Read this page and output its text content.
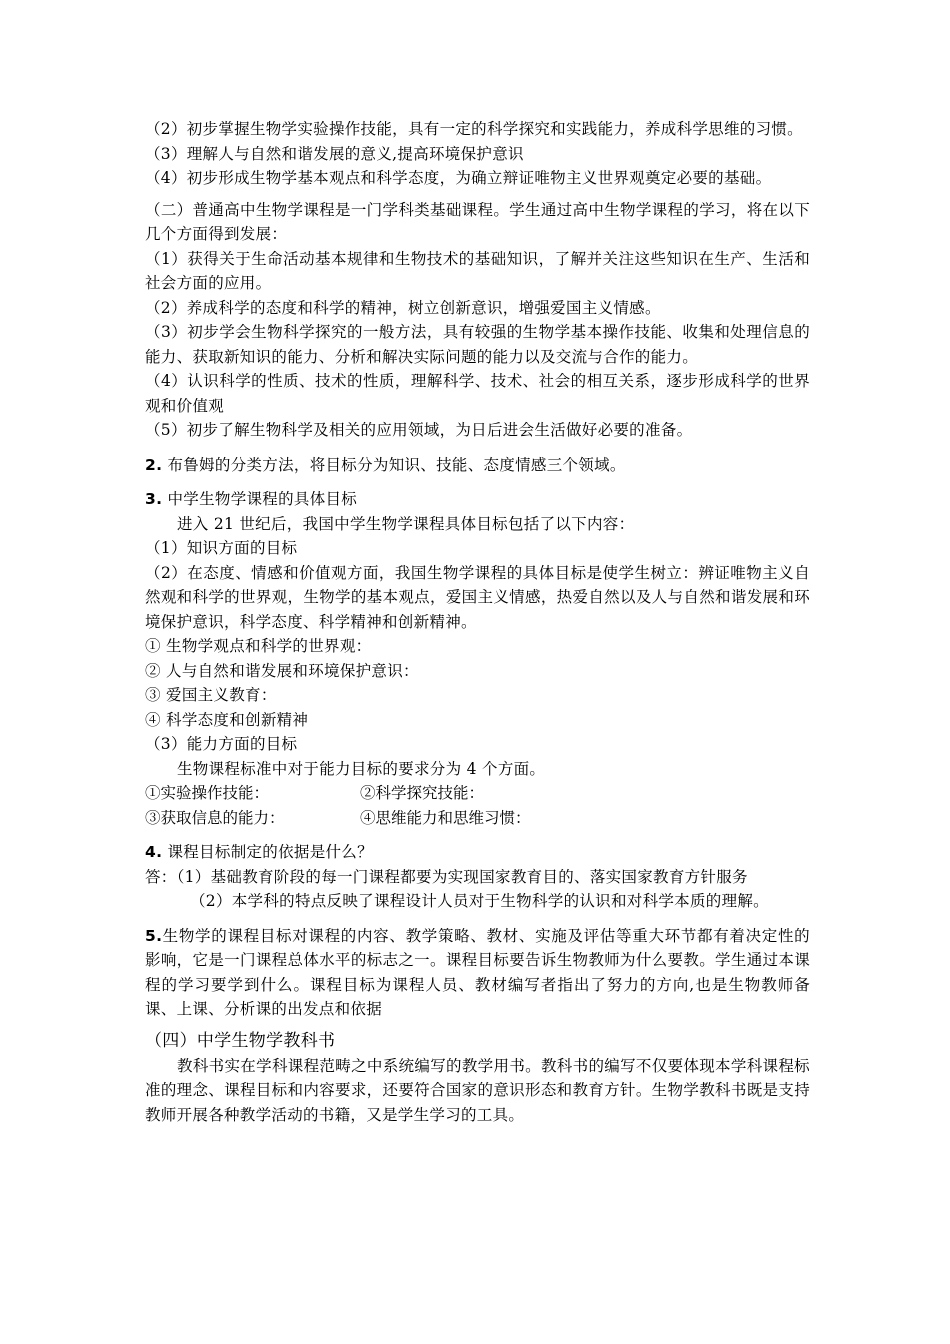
（2）初步掌握生物学实验操作技能，具有一定的科学探究和实践能力，养成科学思维的习惯。
（3）理解人与自然和谐发展的意义,提高环境保护意识
（4）初步形成生物学基本观点和科学态度，为确立辩证唯物主义世界观奠定必要的基础。
（二）普通高中生物学课程是一门学科类基础课程。学生通过高中生物学课程的学习，将在以下几个方面得到发展：
（1）获得关于生命活动基本规律和生物技术的基础知识，了解并关注这些知识在生产、生活和社会方面的应用。
（2）养成科学的态度和科学的精神，树立创新意识，增强爱国主义情感。
（3）初步学会生物科学探究的一般方法，具有较强的生物学基本操作技能、收集和处理信息的能力、获取新知识的能力、分析和解决实际问题的能力以及交流与合作的能力。
（4）认识科学的性质、技术的性质，理解科学、技术、社会的相互关系，逐步形成科学的世界观和价值观
（5）初步了解生物科学及相关的应用领域，为日后进会生活做好必要的准备。
2. 布鲁姆的分类方法，将目标分为知识、技能、态度情感三个领域。
3. 中学生物学课程的具体目标
进入 21 世纪后，我国中学生物学课程具体目标包括了以下内容：
（1）知识方面的目标
（2）在态度、情感和价值观方面，我国生物学课程的具体目标是使学生树立：辨证唯物主义自然观和科学的世界观，生物学的基本观点，爱国主义情感，热爱自然以及人与自然和谐发展和环境保护意识，科学态度、科学精神和创新精神。
① 生物学观点和科学的世界观：
② 人与自然和谐发展和环境保护意识：
③ 爱国主义教育：
④ 科学态度和创新精神
（3）能力方面的目标
生物课程标准中对于能力目标的要求分为 4 个方面。
①实验操作技能：	②科学探究技能：
③获取信息的能力：	④思维能力和思维习惯：
4. 课程目标制定的依据是什么？
答：（1）基础教育阶段的每一门课程都要为实现国家教育目的、落实国家教育方针服务
（2）本学科的特点反映了课程设计人员对于生物科学的认识和对科学本质的理解。
5.生物学的课程目标对课程的内容、教学策略、教材、实施及评估等重大环节都有着决定性的影响，它是一门课程总体水平的标志之一。课程目标要告诉生物教师为什么要教。学生通过本课程的学习要学到什么。课程目标为课程人员、教材编写者指出了努力的方向,也是生物教师备课、上课、分析课的出发点和依据
（四）中学生物学教科书
教科书实在学科课程范畴之中系统编写的教学用书。教科书的编写不仅要体现本学科课程标准的理念、课程目标和内容要求，还要符合国家的意识形态和教育方针。生物学教科书既是支持教师开展各种教学活动的书籍，又是学生学习的工具。
